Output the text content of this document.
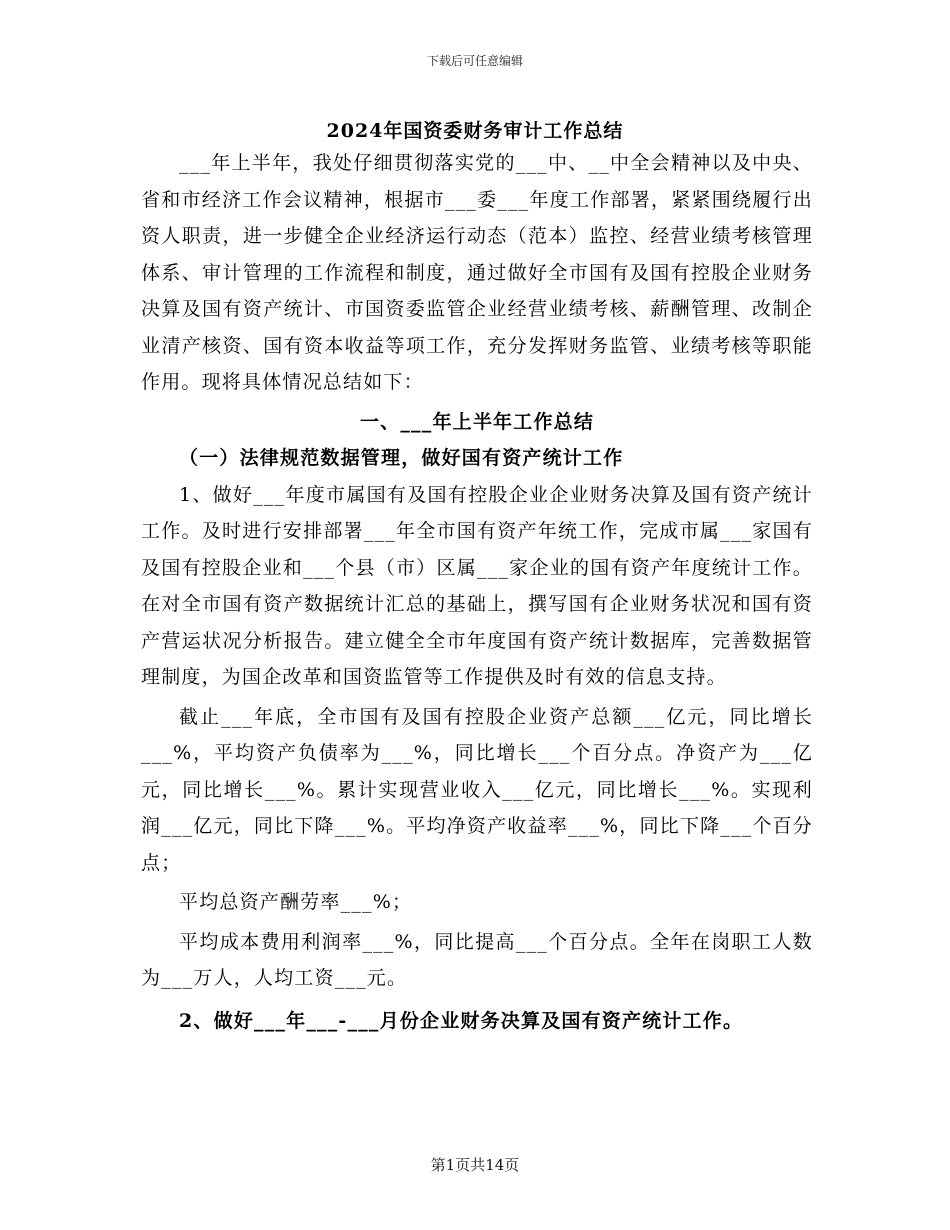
下载后可任意编辑
2024年国资委财务审计工作总结

___年上半年，我处仔细贯彻落实党的___中、__中全会精神以及中央、省和市经济工作会议精神，根据市___委___年度工作部署，紧紧围绕履行出资人职责，进一步健全企业经济运行动态（范本）监控、经营业绩考核管理体系、审计管理的工作流程和制度，通过做好全市国有及国有控股企业财务决算及国有资产统计、市国资委监管企业经营业绩考核、薪酬管理、改制企业清产核资、国有资本收益等项工作，充分发挥财务监管、业绩考核等职能作用。现将具体情况总结如下：

一、___年上半年工作总结

（一）法律规范数据管理，做好国有资产统计工作

1、做好___年度市属国有及国有控股企业企业财务决算及国有资产统计工作。及时进行安排部署___年全市国有资产年统工作，完成市属___家国有及国有控股企业和___个县（市）区属___家企业的国有资产年度统计工作。在对全市国有资产数据统计汇总的基础上，撰写国有企业财务状况和国有资产营运状况分析报告。建立健全全市年度国有资产统计数据库，完善数据管理制度，为国企改革和国资监管等工作提供及时有效的信息支持。

截止___年底，全市国有及国有控股企业资产总额___亿元，同比增长___%，平均资产负债率为___%，同比增长___个百分点。净资产为___亿元，同比增长___%。累计实现营业收入___亿元，同比增长___%。实现利润___亿元，同比下降___%。平均净资产收益率___%，同比下降___个百分点；

平均总资产酬劳率___%；

平均成本费用利润率___%，同比提高___个百分点。全年在岗职工人数为___万人，人均工资___元。

2、做好___年___-___月份企业财务决算及国有资产统计工作。

第1页共14页
